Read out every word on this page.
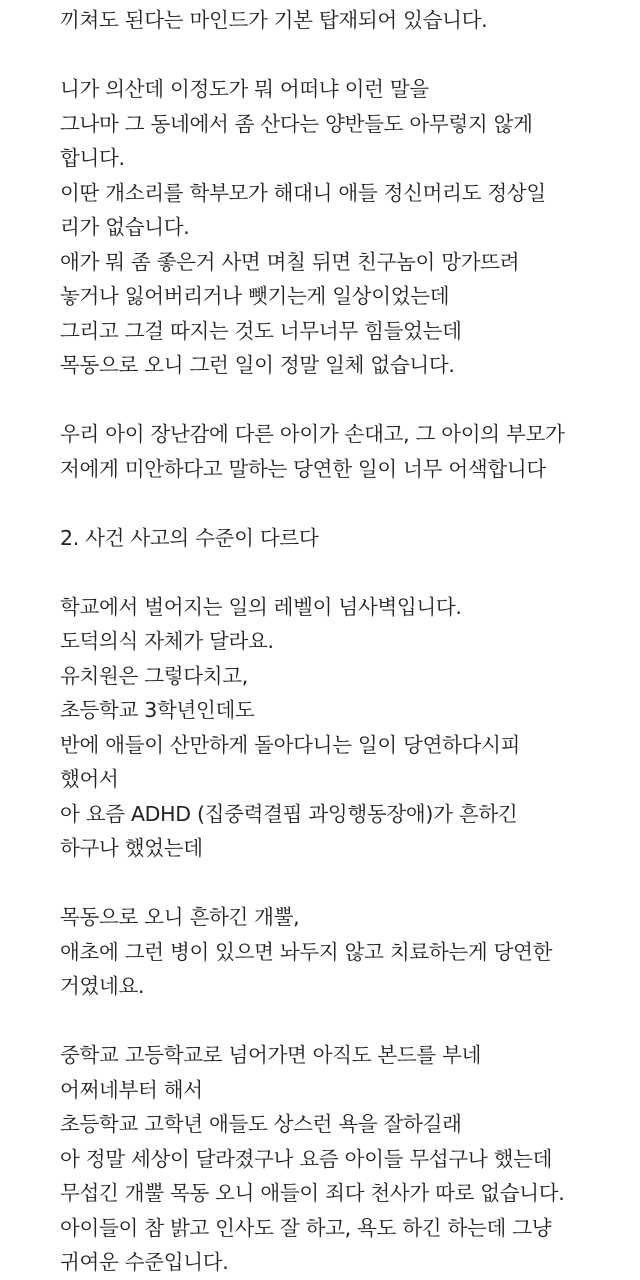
끼쳐도 된다는 마인드가 기본 탑재되어 있습니다.
니가 의산데 이정도가 뭐 어떠냐 이런 말을
그나마 그 동네에서 좀 산다는 양반들도 아무렇지 않게
합니다.
이딴 개소리를 학부모가 해대니 애들 정신머리도 정상일
리가 없습니다.
애가 뭐 좀 좋은거 사면 며칠 뒤면 친구놈이 망가뜨려
놓거나 잃어버리거나 뺏기는게 일상이었는데
그리고 그걸 따지는 것도 너무너무 힘들었는데
목동으로 오니 그런 일이 정말 일체 없습니다.
우리 아이 장난감에 다른 아이가 손대고, 그 아이의 부모가
저에게 미안하다고 말하는 당연한 일이 너무 어색합니다
2. 사건 사고의 수준이 다르다
학교에서 벌어지는 일의 레벨이 넘사벽입니다.
도덕의식 자체가 달라요.
유치원은 그렇다치고,
초등학교 3학년인데도
반에 애들이 산만하게 돌아다니는 일이 당연하다시피
했어서
아 요즘 ADHD (집중력결핍 과잉행동장애)가 흔하긴
하구나 했었는데
목동으로 오니 흔하긴 개뿔,
애초에 그런 병이 있으면 놔두지 않고 치료하는게 당연한
거였네요.
중학교 고등학교로 넘어가면 아직도 본드를 부네
어쩌네부터 해서
초등학교 고학년 애들도 상스런 욕을 잘하길래
아 정말 세상이 달라졌구나 요즘 아이들 무섭구나 했는데
무섭긴 개뿔 목동 오니 애들이 죄다 천사가 따로 없습니다.
아이들이 참 밝고 인사도 잘 하고, 욕도 하긴 하는데 그냥
귀여운 수준입니다.
